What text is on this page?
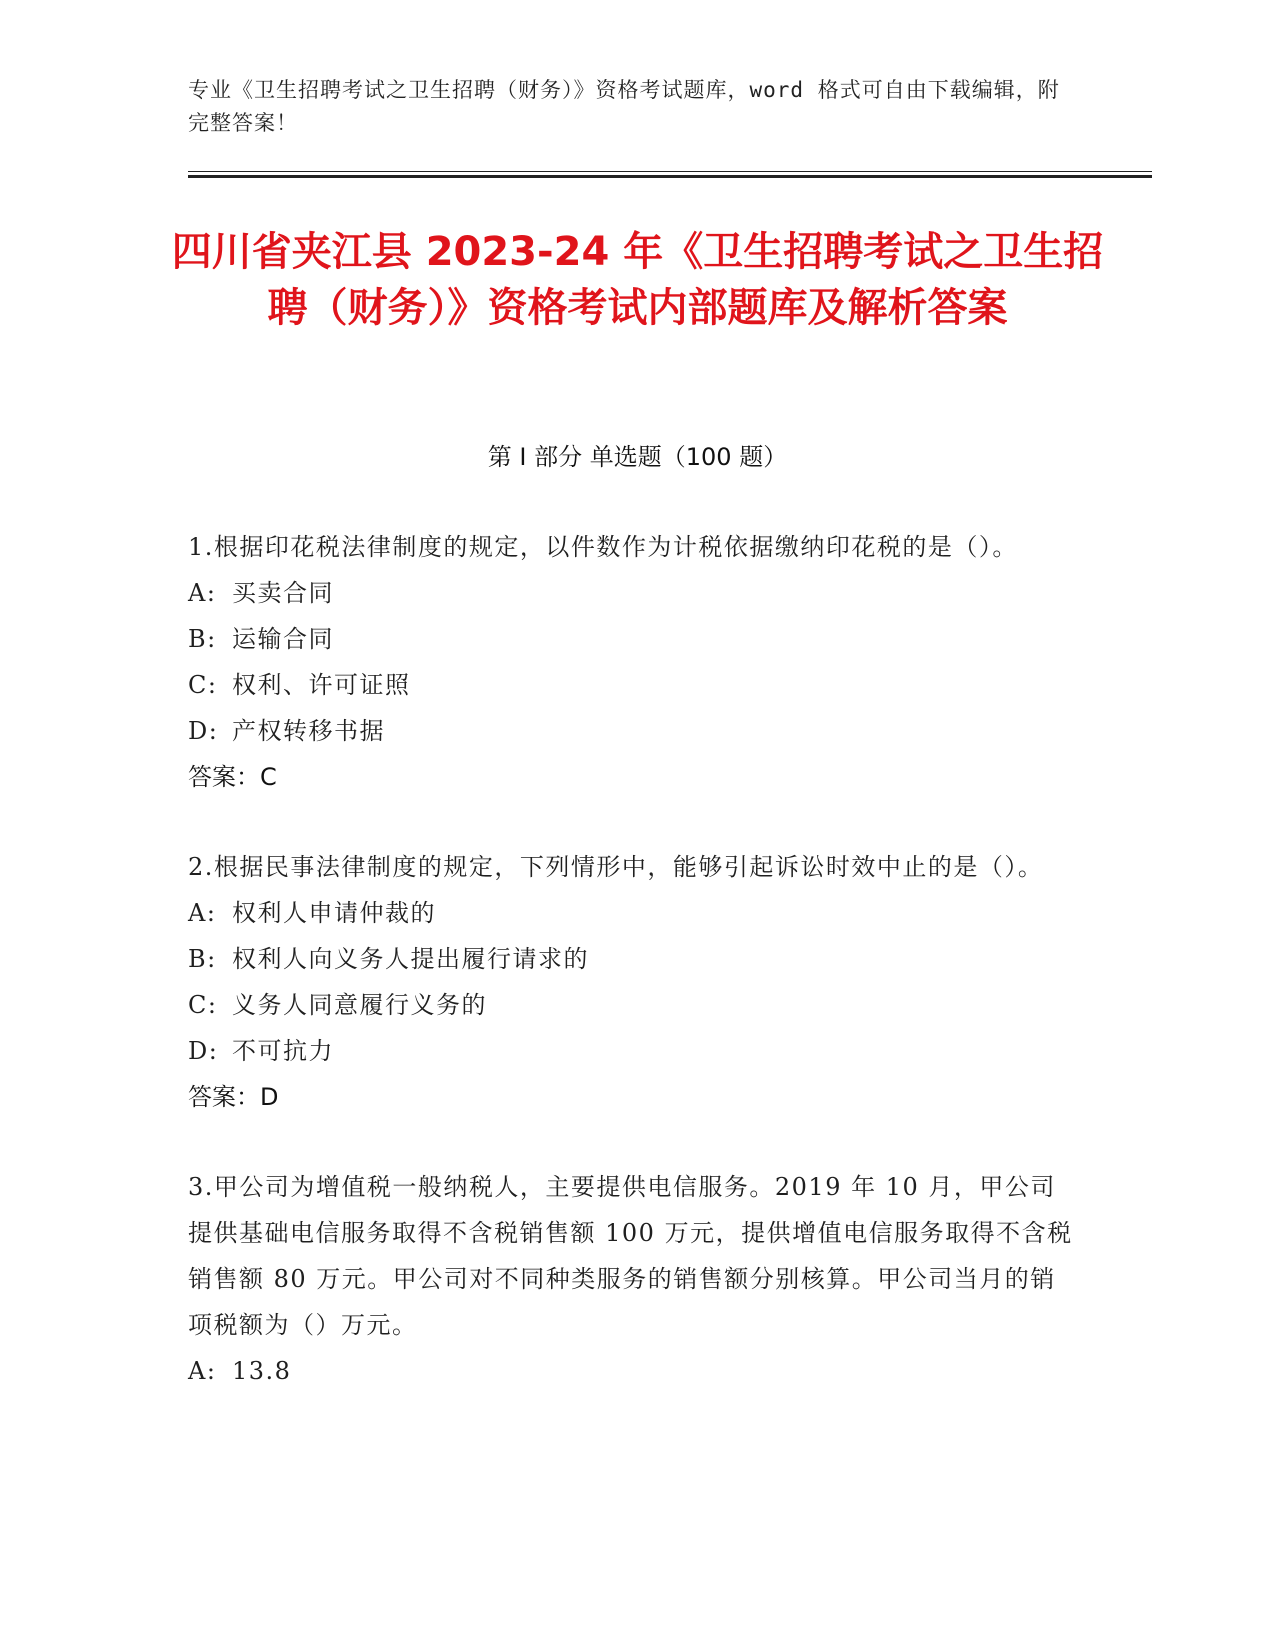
专业《卫生招聘考试之卫生招聘（财务）》资格考试题库，word 格式可自由下载编辑，附完整答案！
四川省夹江县 2023-24 年《卫生招聘考试之卫生招聘（财务）》资格考试内部题库及解析答案
第 I 部分 单选题（100 题）

1.根据印花税法律制度的规定，以件数作为计税依据缴纳印花税的是（）。

A: 买卖合同

B: 运输合同

C: 权利、许可证照

D: 产权转移书据

答案：C

2.根据民事法律制度的规定，下列情形中，能够引起诉讼时效中止的是（）。

A: 权利人申请仲裁的

B: 权利人向义务人提出履行请求的

C: 义务人同意履行义务的

D: 不可抗力

答案：D

3.甲公司为增值税一般纳税人，主要提供电信服务。2019 年 10 月，甲公司提供基础电信服务取得不含税销售额 100 万元，提供增值电信服务取得不含税销售额 80 万元。甲公司对不同种类服务的销售额分别核算。甲公司当月的销项税额为（）万元。

A: 13.8
